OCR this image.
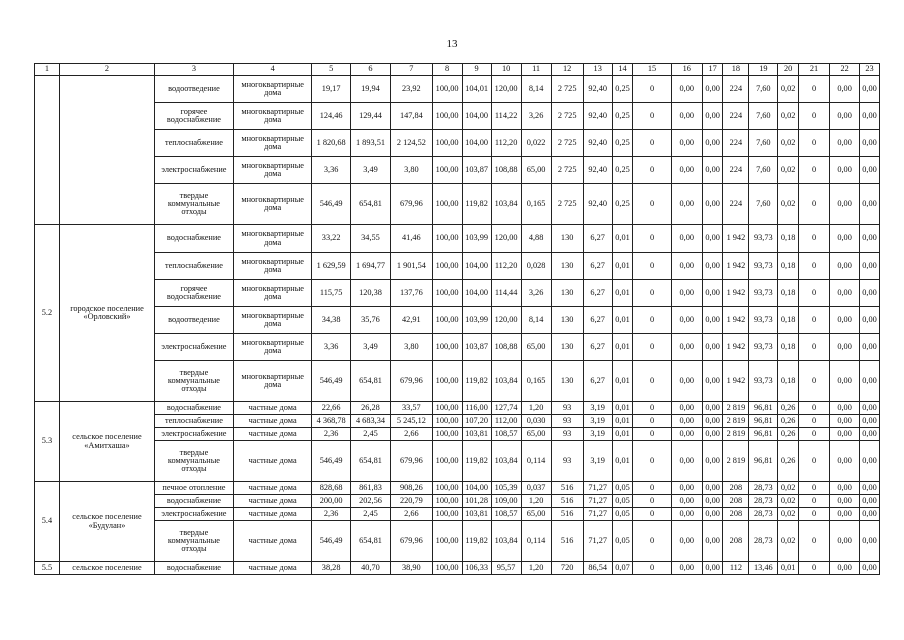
13
1	2	3	4	5	6	7	8	9	10	11	12	13	14	15	16	17	18	19	20	21	22	23
		водоотведение	многоквартирные дома	19,17	19,94	23,92	100,00	104,01	120,00	8,14	2 725	92,40	0,25	0	0,00	0,00	224	7,60	0,02	0	0,00	0,00
		горячее водоснабжение	многоквартирные дома	124,46	129,44	147,84	100,00	104,00	114,22	3,26	2 725	92,40	0,25	0	0,00	0,00	224	7,60	0,02	0	0,00	0,00
		теплоснабжение	многоквартирные дома	1 820,68	1 893,51	2 124,52	100,00	104,00	112,20	0,022	2 725	92,40	0,25	0	0,00	0,00	224	7,60	0,02	0	0,00	0,00
		электроснабжение	многоквартирные дома	3,36	3,49	3,80	100,00	103,87	108,88	65,00	2 725	92,40	0,25	0	0,00	0,00	224	7,60	0,02	0	0,00	0,00
		твердые коммунальные отходы	многоквартирные дома	546,49	654,81	679,96	100,00	119,82	103,84	0,165	2 725	92,40	0,25	0	0,00	0,00	224	7,60	0,02	0	0,00	0,00
5.2	городское поселение «Орловский»	водоснабжение	многоквартирные дома	33,22	34,55	41,46	100,00	103,99	120,00	4,88	130	6,27	0,01	0	0,00	0,00	1 942	93,73	0,18	0	0,00	0,00
		теплоснабжение	многоквартирные дома	1 629,59	1 694,77	1 901,54	100,00	104,00	112,20	0,028	130	6,27	0,01	0	0,00	0,00	1 942	93,73	0,18	0	0,00	0,00
		горячее водоснабжение	многоквартирные дома	115,75	120,38	137,76	100,00	104,00	114,44	3,26	130	6,27	0,01	0	0,00	0,00	1 942	93,73	0,18	0	0,00	0,00
		водоотведение	многоквартирные дома	34,38	35,76	42,91	100,00	103,99	120,00	8,14	130	6,27	0,01	0	0,00	0,00	1 942	93,73	0,18	0	0,00	0,00
		электроснабжение	многоквартирные дома	3,36	3,49	3,80	100,00	103,87	108,88	65,00	130	6,27	0,01	0	0,00	0,00	1 942	93,73	0,18	0	0,00	0,00
		твердые коммунальные отходы	многоквартирные дома	546,49	654,81	679,96	100,00	119,82	103,84	0,165	130	6,27	0,01	0	0,00	0,00	1 942	93,73	0,18	0	0,00	0,00
5.3	сельское поселение «Амитхаша»	водоснабжение	частные дома	22,66	26,28	33,57	100,00	116,00	127,74	1,20	93	3,19	0,01	0	0,00	0,00	2 819	96,81	0,26	0	0,00	0,00
		теплоснабжение	частные дома	4 368,78	4 683,34	5 245,12	100,00	107,20	112,00	0,030	93	3,19	0,01	0	0,00	0,00	2 819	96,81	0,26	0	0,00	0,00
		электроснабжение	частные дома	2,36	2,45	2,66	100,00	103,81	108,57	65,00	93	3,19	0,01	0	0,00	0,00	2 819	96,81	0,26	0	0,00	0,00
		твердые коммунальные отходы	частные дома	546,49	654,81	679,96	100,00	119,82	103,84	0,114	93	3,19	0,01	0	0,00	0,00	2 819	96,81	0,26	0	0,00	0,00
5.4	сельское поселение «Будулан»	печное отопление	частные дома	828,68	861,83	908,26	100,00	104,00	105,39	0,037	516	71,27	0,05	0	0,00	0,00	208	28,73	0,02	0	0,00	0,00
		водоснабжение	частные дома	200,00	202,56	220,79	100,00	101,28	109,00	1,20	516	71,27	0,05	0	0,00	0,00	208	28,73	0,02	0	0,00	0,00
		электроснабжение	частные дома	2,36	2,45	2,66	100,00	103,81	108,57	65,00	516	71,27	0,05	0	0,00	0,00	208	28,73	0,02	0	0,00	0,00
		твердые коммунальные отходы	частные дома	546,49	654,81	679,96	100,00	119,82	103,84	0,114	516	71,27	0,05	0	0,00	0,00	208	28,73	0,02	0	0,00	0,00
5.5	сельское поселение	водоснабжение	частные дома	38,28	40,70	38,90	100,00	106,33	95,57	1,20	720	86,54	0,07	0	0,00	0,00	112	13,46	0,01	0	0,00	0,00
